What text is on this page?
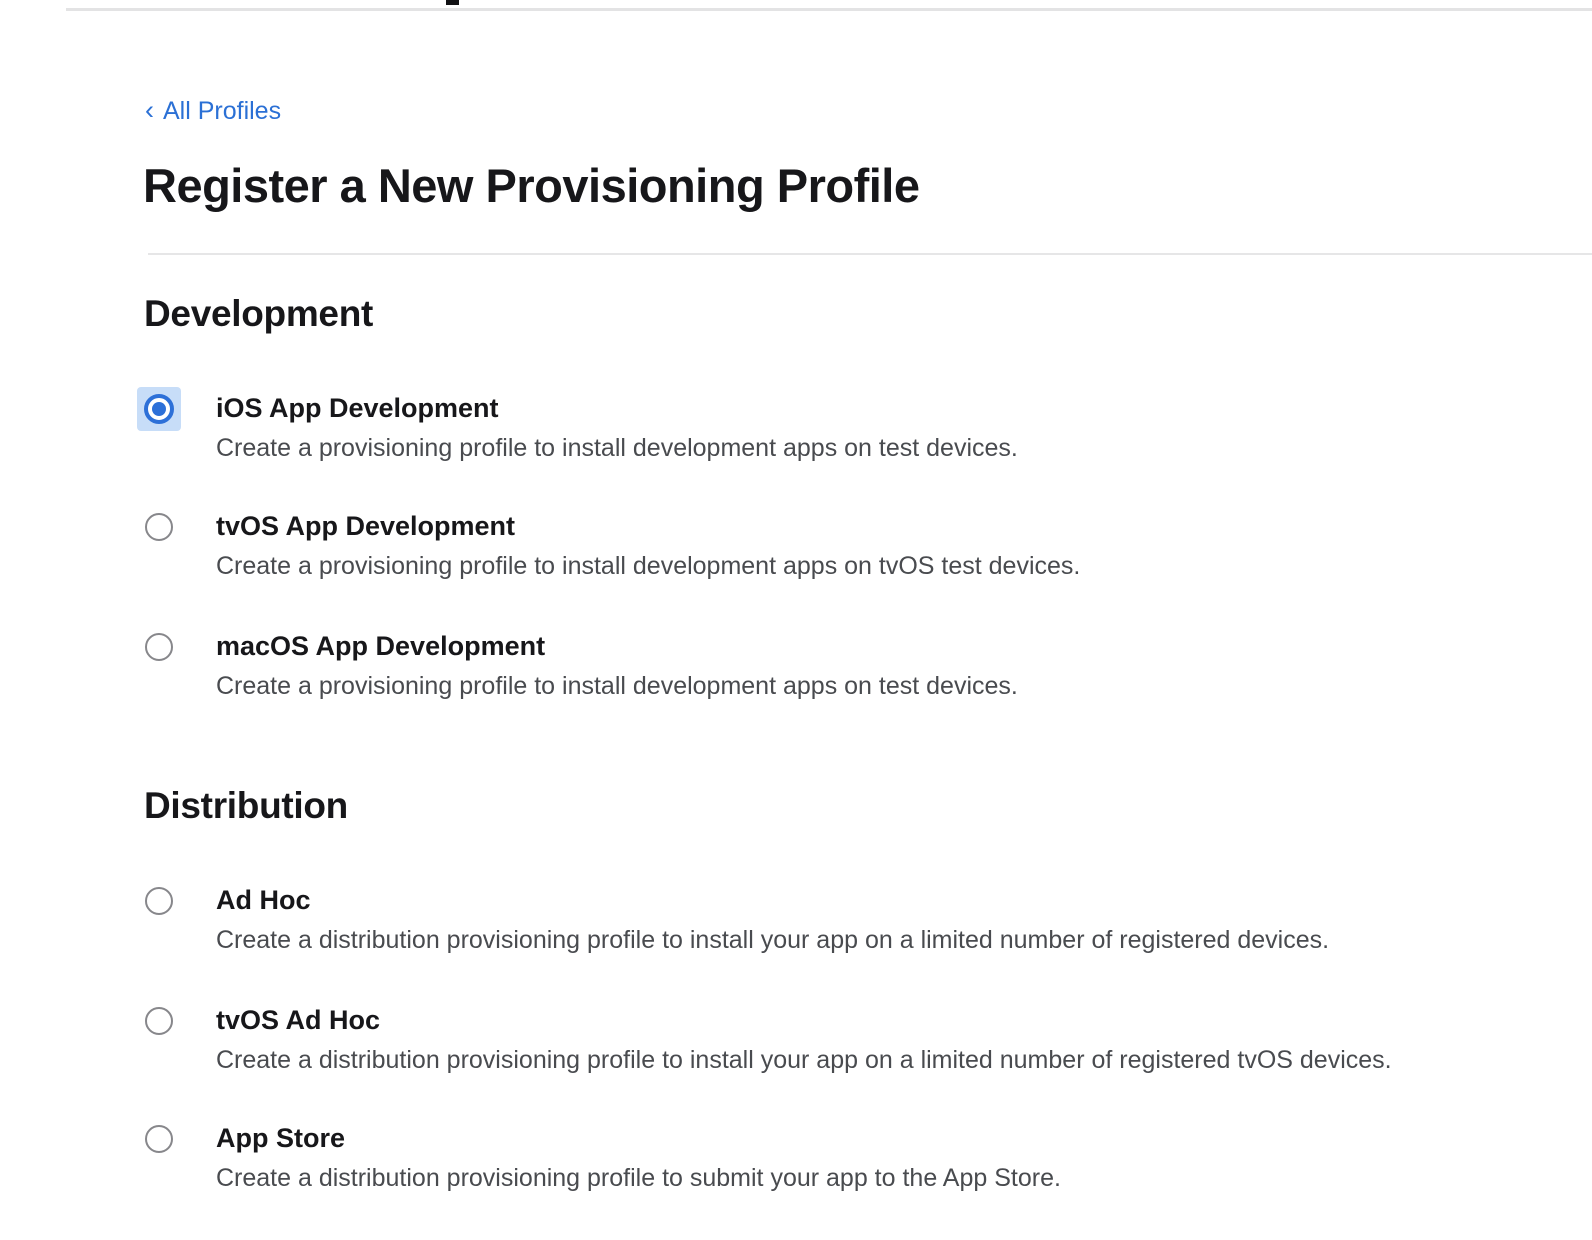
‹ All Profiles
Register a New Provisioning Profile
Development
iOS App Development
Create a provisioning profile to install development apps on test devices.
tvOS App Development
Create a provisioning profile to install development apps on tvOS test devices.
macOS App Development
Create a provisioning profile to install development apps on test devices.
Distribution
Ad Hoc
Create a distribution provisioning profile to install your app on a limited number of registered devices.
tvOS Ad Hoc
Create a distribution provisioning profile to install your app on a limited number of registered tvOS devices.
App Store
Create a distribution provisioning profile to submit your app to the App Store.
